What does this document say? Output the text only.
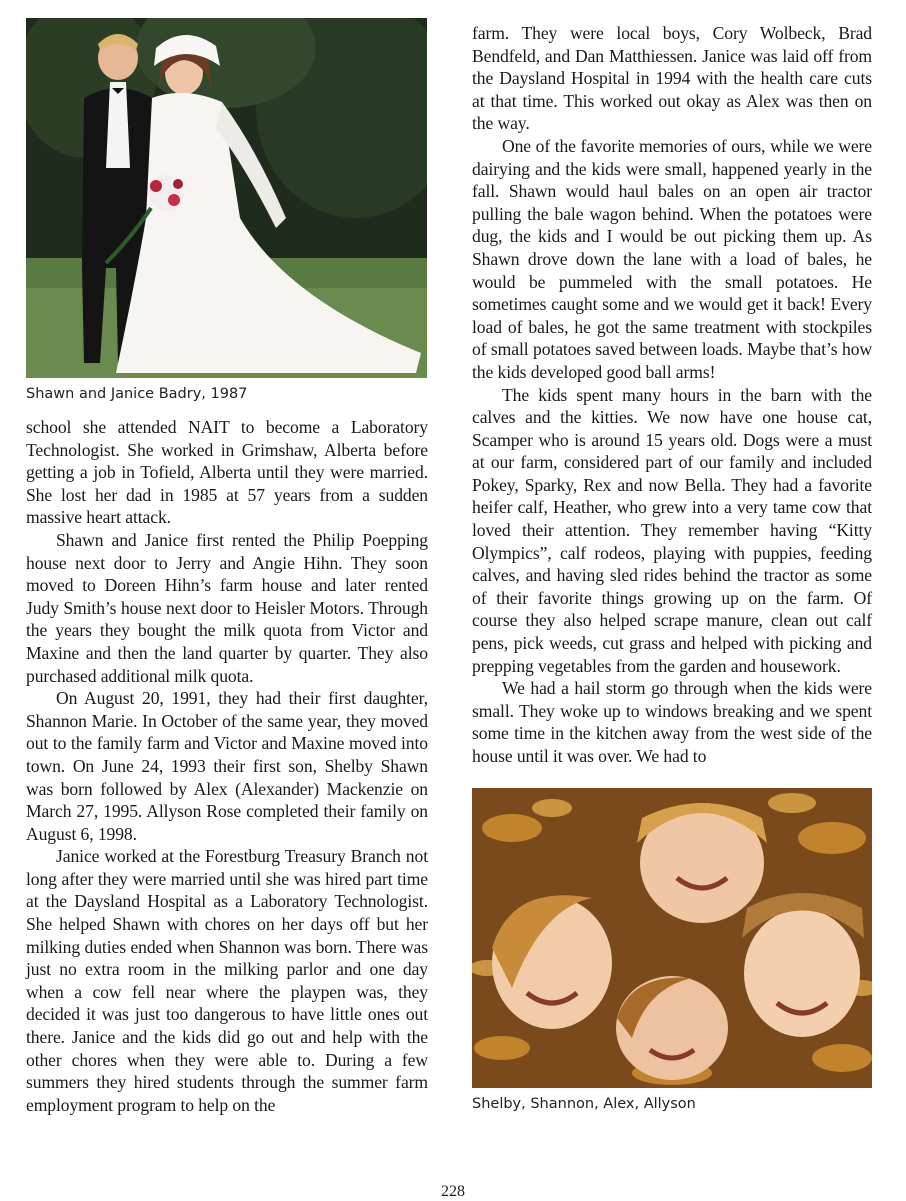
Shawn and Janice Badry, 1987

school she attended NAIT to become a Laboratory Technologist. She worked in Grimshaw, Alberta before getting a job in Tofield, Alberta until they were married. She lost her dad in 1985 at 57 years from a sudden massive heart attack.

Shawn and Janice first rented the Philip Poepping house next door to Jerry and Angie Hihn. They soon moved to Doreen Hihn’s farm house and later rented Judy Smith’s house next door to Heisler Motors. Through the years they bought the milk quota from Victor and Maxine and then the land quarter by quarter. They also purchased additional milk quota.

On August 20, 1991, they had their first daughter, Shannon Marie. In October of the same year, they moved out to the family farm and Victor and Maxine moved into town. On June 24, 1993 their first son, Shelby Shawn was born followed by Alex (Alexander) Mackenzie on March 27, 1995. Allyson Rose completed their family on August 6, 1998.

Janice worked at the Forestburg Treasury Branch not long after they were married until she was hired part time at the Daysland Hospital as a Laboratory Technologist. She helped Shawn with chores on her days off but her milking duties ended when Shannon was born. There was just no extra room in the milking parlor and one day when a cow fell near where the playpen was, they decided it was just too dangerous to have little ones out there. Janice and the kids did go out and help with the other chores when they were able to. During a few summers they hired students through the summer farm employment program to help on the

farm. They were local boys, Cory Wolbeck, Brad Bendfeld, and Dan Matthiessen. Janice was laid off from the Daysland Hospital in 1994 with the health care cuts at that time. This worked out okay as Alex was then on the way.

One of the favorite memories of ours, while we were dairying and the kids were small, happened yearly in the fall. Shawn would haul bales on an open air tractor pulling the bale wagon behind. When the potatoes were dug, the kids and I would be out picking them up. As Shawn drove down the lane with a load of bales, he would be pummeled with the small potatoes. He sometimes caught some and we would get it back! Every load of bales, he got the same treatment with stockpiles of small potatoes saved between loads. Maybe that’s how the kids developed good ball arms!

The kids spent many hours in the barn with the calves and the kitties. We now have one house cat, Scamper who is around 15 years old. Dogs were a must at our farm, considered part of our family and included Pokey, Sparky, Rex and now Bella. They had a favorite heifer calf, Heather, who grew into a very tame cow that loved their attention. They remember having “Kitty Olympics”, calf rodeos, playing with puppies, feeding calves, and having sled rides behind the tractor as some of their favorite things growing up on the farm. Of course they also helped scrape manure, clean out calf pens, pick weeds, cut grass and helped with picking and prepping vegetables from the garden and housework.

We had a hail storm go through when the kids were small. They woke up to windows breaking and we spent some time in the kitchen away from the west side of the house until it was over. We had to

Shelby, Shannon, Alex, Allyson
228
